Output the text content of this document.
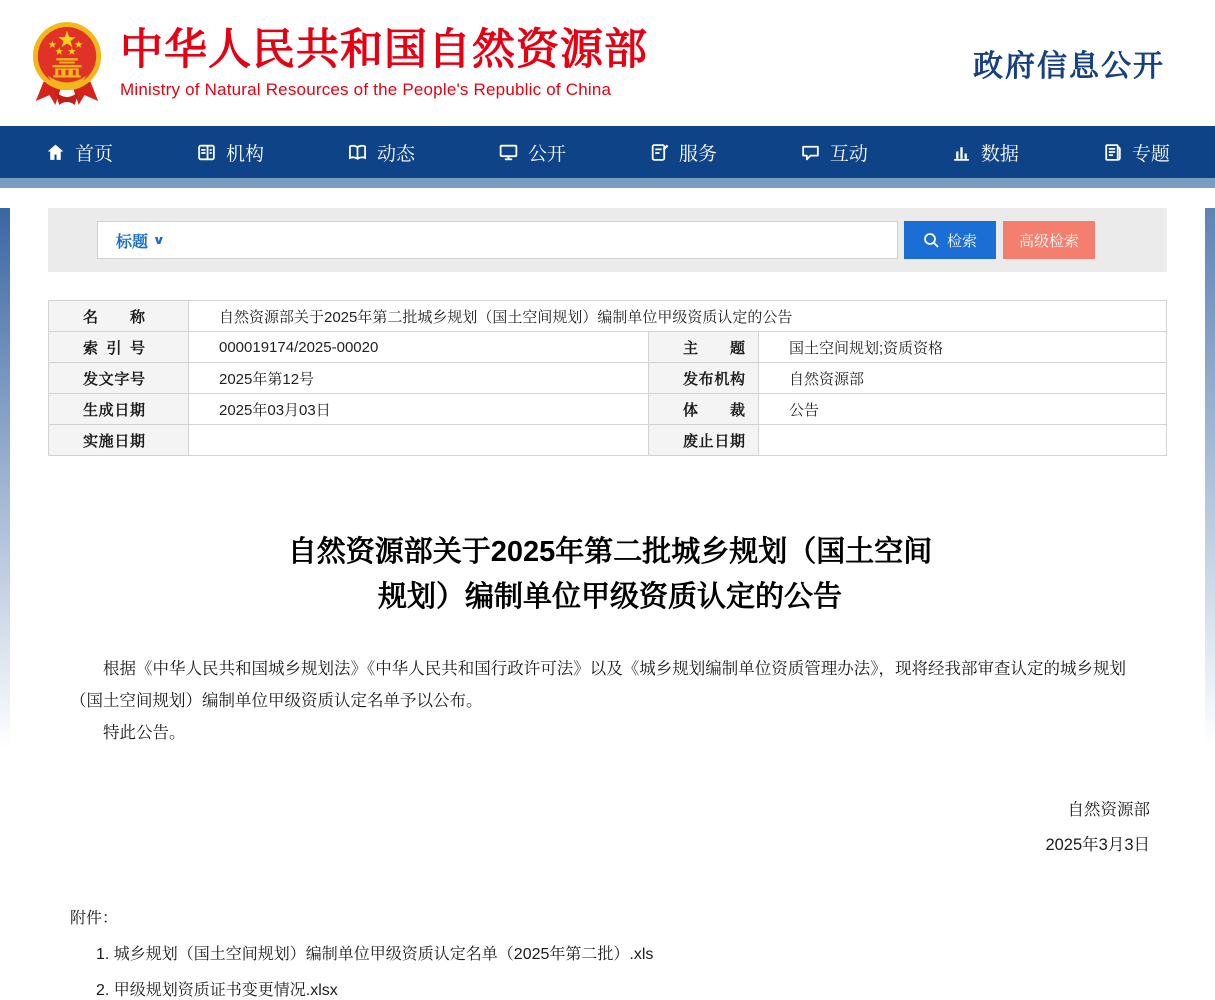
中华人民共和国自然资源部
Ministry of Natural Resources of the People's Republic of China
政府信息公开
首页	机构	动态	公开	服务	互动	数据	专题
标题 ∨	检索	高级检索
名称	自然资源部关于2025年第二批城乡规划（国土空间规划）编制单位甲级资质认定的公告		
索引号	000019174/2025-00020	主题	国土空间规划;资质资格
发文字号	2025年第12号	发布机构	自然资源部
生成日期	2025年03月03日	体裁	公告
实施日期		废止日期	
自然资源部关于2025年第二批城乡规划（国土空间
规划）编制单位甲级资质认定的公告

根据《中华人民共和国城乡规划法》《中华人民共和国行政许可法》以及《城乡规划编制单位资质管理办法》，现将经我部审查认定的城乡规划（国土空间规划）编制单位甲级资质认定名单予以公布。

特此公告。

自然资源部
2025年3月3日
附件：
1. 城乡规划（国土空间规划）编制单位甲级资质认定名单（2025年第二批）.xls
2. 甲级规划资质证书变更情况.xlsx
